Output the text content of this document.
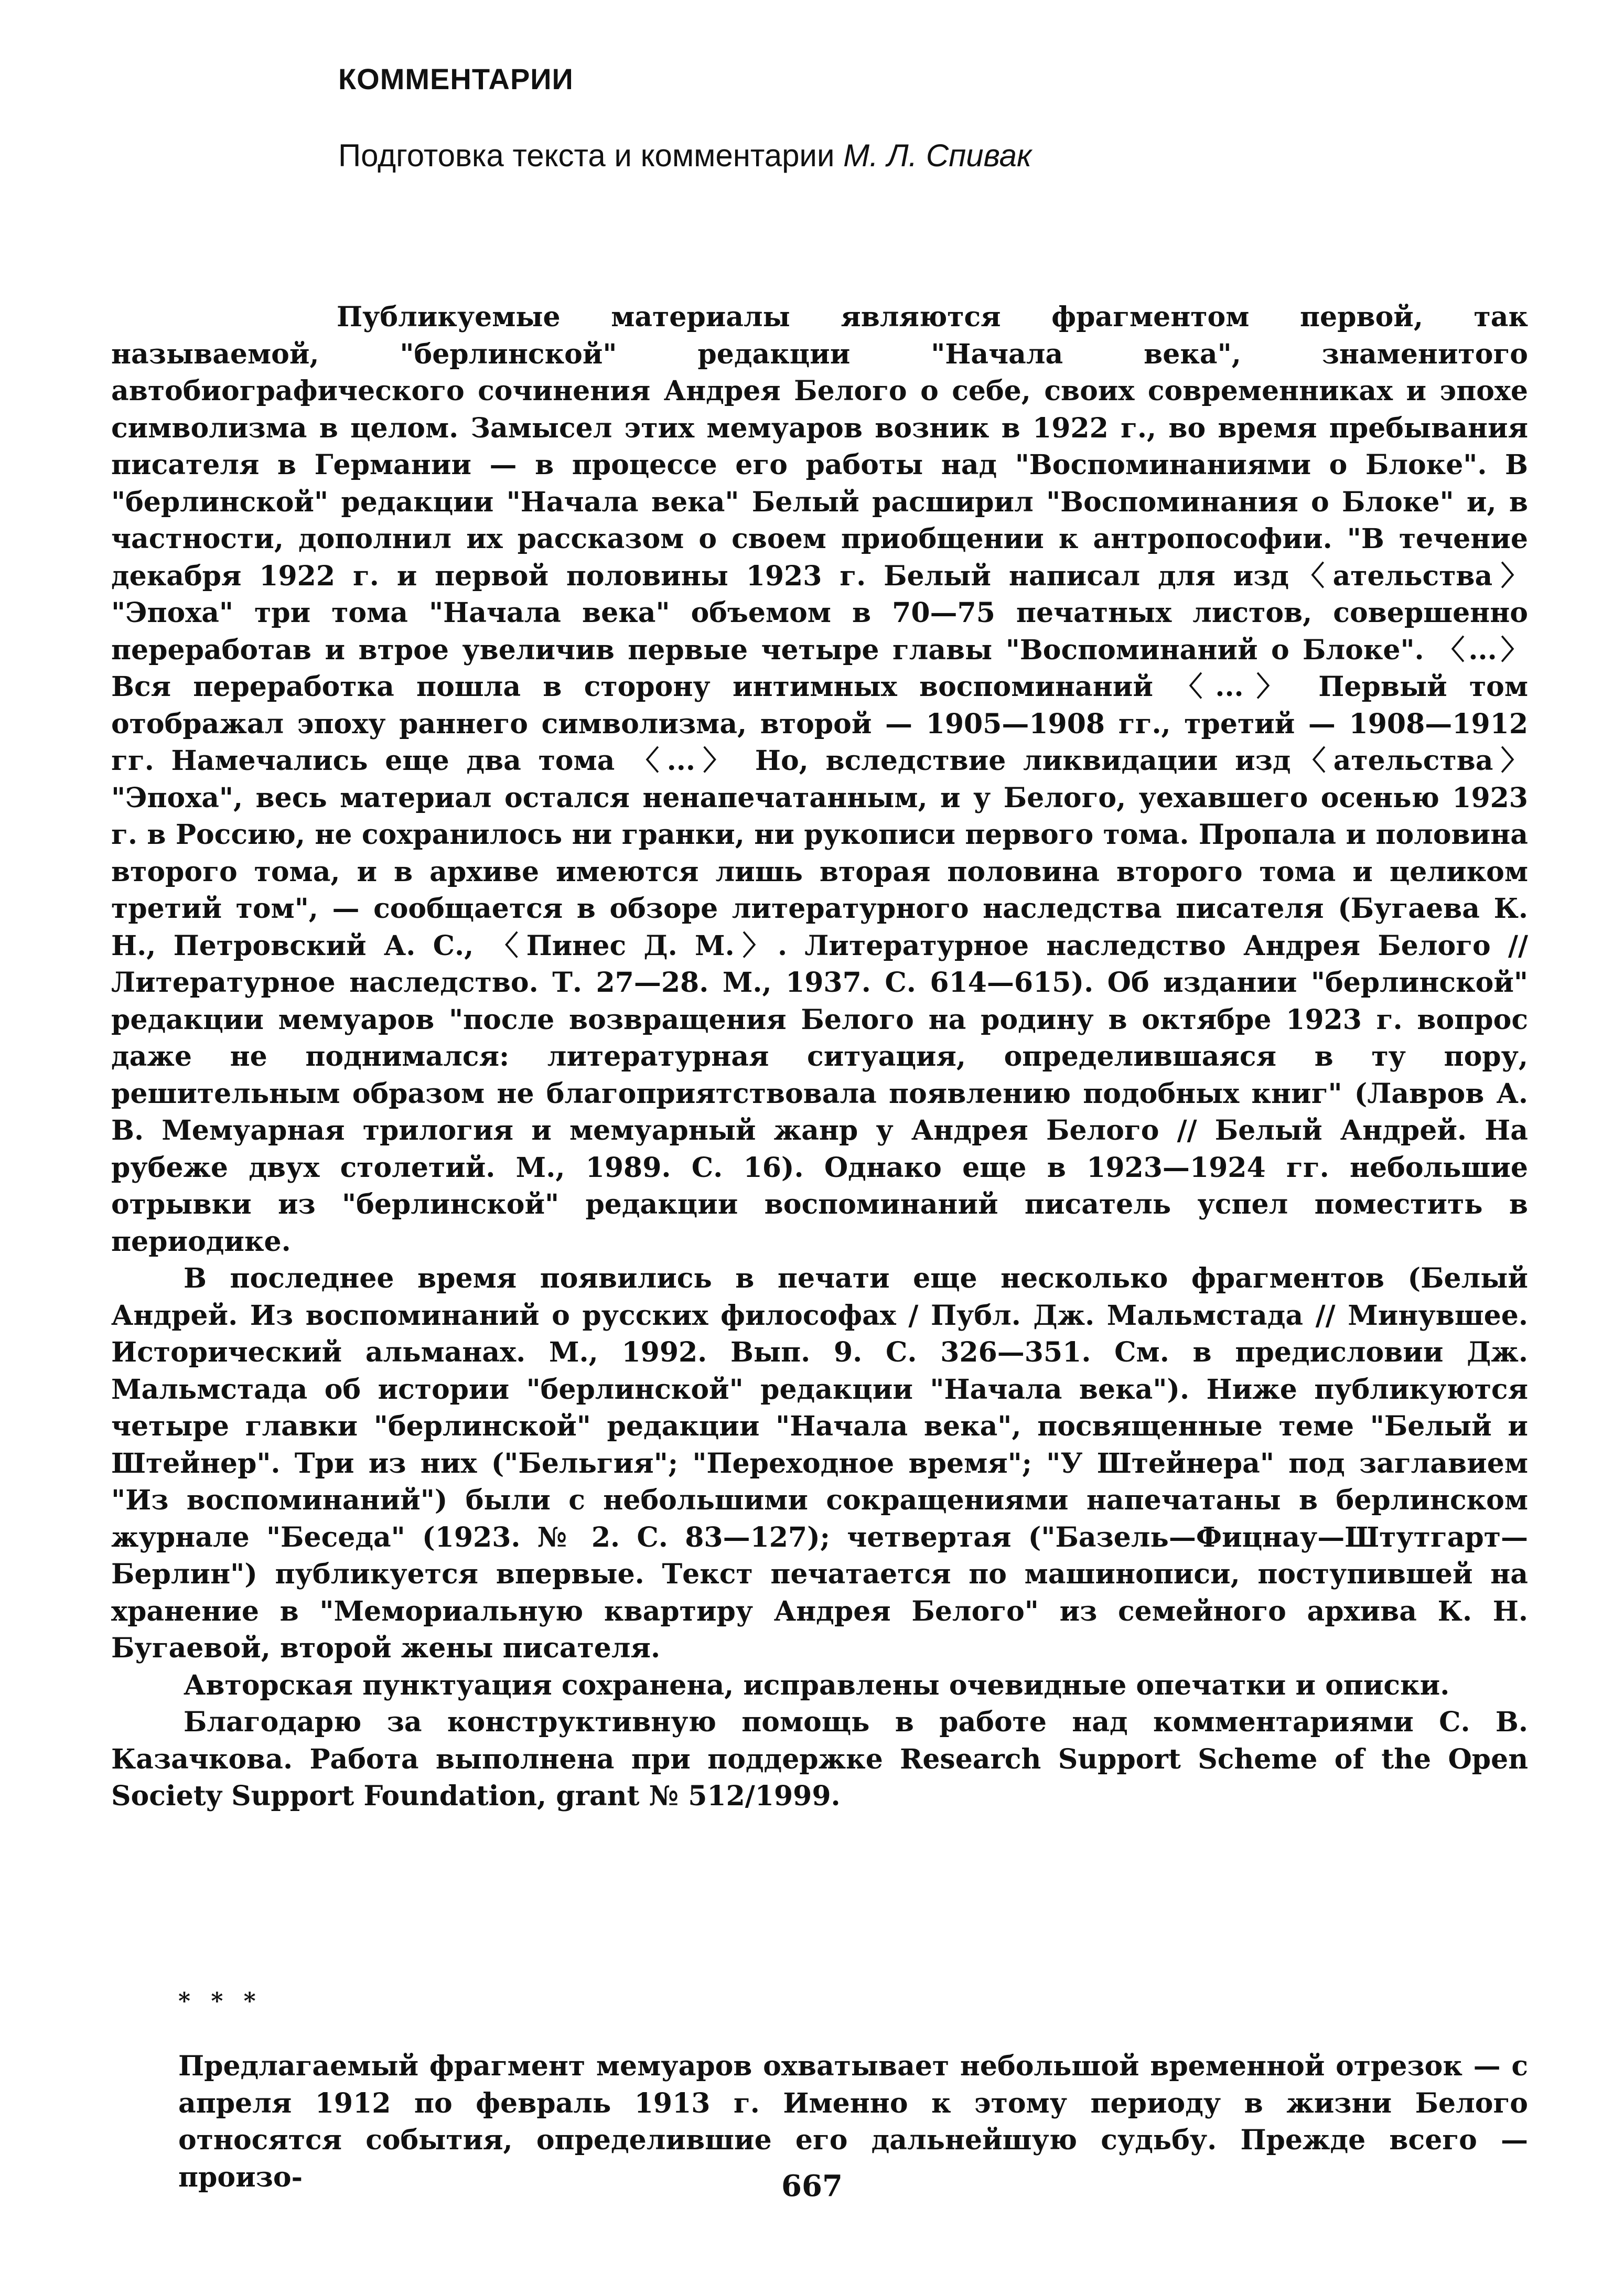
КОММЕНТАРИИ
Подготовка текста и комментарии М. Л. Спивак

Публикуемые материалы являются фрагментом первой, так называемой, "берлинской" редакции "Начала века", знаменитого автобиографического сочинения Андрея Белого о себе, своих современниках и эпохе символизма в целом. Замысел этих мемуаров возник в 1922 г., во время пребывания писателя в Германии — в процессе его работы над "Воспоминаниями о Блоке". В "берлинской" редакции "Начала века" Белый расширил "Воспоминания о Блоке" и, в частности, дополнил их рассказом о своем приобщении к антропософии. "В течение декабря 1922 г. и первой половины 1923 г. Белый написал для изд〈ательства〉 "Эпоха" три тома "Начала века" объемом в 70—75 печатных листов, совершенно переработав и втрое увеличив первые четыре главы "Воспоминаний о Блоке". 〈...〉 Вся переработка пошла в сторону интимных воспоминаний 〈...〉 Первый том отображал эпоху раннего символизма, второй — 1905—1908 гг., третий — 1908—1912 гг. Намечались еще два тома 〈...〉 Но, вследствие ликвидации изд〈ательства〉 "Эпоха", весь материал остался ненапечатанным, и у Белого, уехавшего осенью 1923 г. в Россию, не сохранилось ни гранки, ни рукописи первого тома. Пропала и половина второго тома, и в архиве имеются лишь вторая половина второго тома и целиком третий том", — сообщается в обзоре литературного наследства писателя (Бугаева К. Н., Петровский А. С., 〈Пинес Д. М.〉. Литературное наследство Андрея Белого // Литературное наследство. Т. 27—28. М., 1937. С. 614—615). Об издании "берлинской" редакции мемуаров "после возвращения Белого на родину в октябре 1923 г. вопрос даже не поднимался: литературная ситуация, определившаяся в ту пору, решительным образом не благоприятствовала появлению подобных книг" (Лавров А. В. Мемуарная трилогия и мемуарный жанр у Андрея Белого // Белый Андрей. На рубеже двух столетий. М., 1989. С. 16). Однако еще в 1923—1924 гг. небольшие отрывки из "берлинской" редакции воспоминаний писатель успел поместить в периодике.

В последнее время появились в печати еще несколько фрагментов (Белый Андрей. Из воспоминаний о русских философах / Публ. Дж. Мальмстада // Минувшее. Исторический альманах. М., 1992. Вып. 9. С. 326—351. См. в предисловии Дж. Мальмстада об истории "берлинской" редакции "Начала века"). Ниже публикуются четыре главки "берлинской" редакции "Начала века", посвященные теме "Белый и Штейнер". Три из них ("Бельгия"; "Переходное время"; "У Штейнера" под заглавием "Из воспоминаний") были с небольшими сокращениями напечатаны в берлинском журнале "Беседа" (1923. № 2. С. 83—127); четвертая ("Базель—Фицнау—Штутгарт—Берлин") публикуется впервые. Текст печатается по машинописи, поступившей на хранение в "Мемориальную квартиру Андрея Белого" из семейного архива К. Н. Бугаевой, второй жены писателя.

Авторская пунктуация сохранена, исправлены очевидные опечатки и описки.

Благодарю за конструктивную помощь в работе над комментариями С. В. Казачкова. Работа выполнена при поддержке Research Support Scheme of the Open Society Support Foundation, grant № 512/1999.

* * *

Предлагаемый фрагмент мемуаров охватывает небольшой временной отрезок — с апреля 1912 по февраль 1913 г. Именно к этому периоду в жизни Белого относятся события, определившие его дальнейшую судьбу. Прежде всего — произо-	667
